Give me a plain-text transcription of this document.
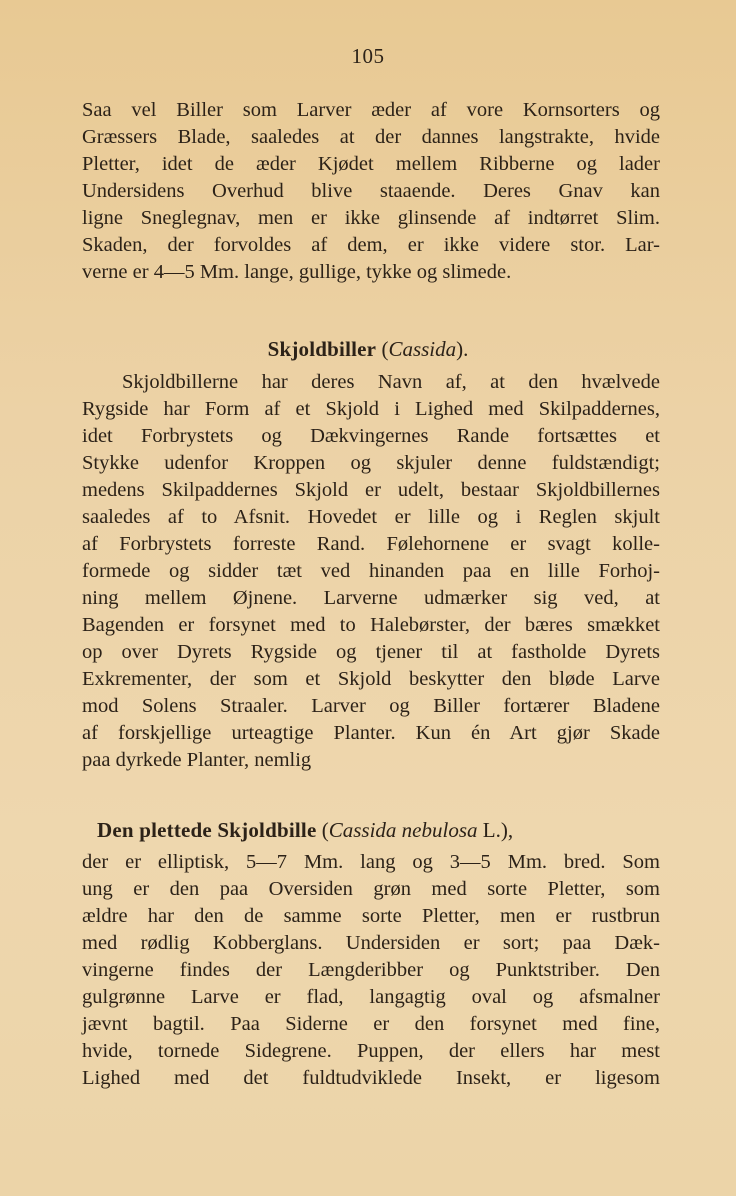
105
Saa vel Biller som Larver æder af vore Kornsorters og
Græssers Blade, saaledes at der dannes langstrakte, hvide
Pletter, idet de æder Kjødet mellem Ribberne og lader
Undersidens Overhud blive staaende. Deres Gnav kan
ligne Sneglegnav, men er ikke glinsende af indtørret Slim.
Skaden, der forvoldes af dem, er ikke videre stor. Lar-
verne er 4—5 Mm. lange, gullige, tykke og slimede.
Skjoldbiller (Cassida).
Skjoldbillerne har deres Navn af, at den hvælvede
Rygside har Form af et Skjold i Lighed med Skilpaddernes,
idet Forbrystets og Dækvingernes Rande fortsættes et
Stykke udenfor Kroppen og skjuler denne fuldstændigt;
medens Skilpaddernes Skjold er udelt, bestaar Skjoldbillernes
saaledes af to Afsnit. Hovedet er lille og i Reglen skjult
af Forbrystets forreste Rand. Følehornene er svagt kolle-
formede og sidder tæt ved hinanden paa en lille Forhoj-
ning mellem Øjnene. Larverne udmærker sig ved, at
Bagenden er forsynet med to Halebørster, der bæres smækket
op over Dyrets Rygside og tjener til at fastholde Dyrets
Exkrementer, der som et Skjold beskytter den bløde Larve
mod Solens Straaler. Larver og Biller fortærer Bladene
af forskjellige urteagtige Planter. Kun én Art gjør Skade
paa dyrkede Planter, nemlig
Den plettede Skjoldbille (Cassida nebulosa L.),
der er elliptisk, 5—7 Mm. lang og 3—5 Mm. bred. Som
ung er den paa Oversiden grøn med sorte Pletter, som
ældre har den de samme sorte Pletter, men er rustbrun
med rødlig Kobberglans. Undersiden er sort; paa Dæk-
vingerne findes der Længderibber og Punktstriber. Den
gulgrønne Larve er flad, langagtig oval og afsmalner
jævnt bagtil. Paa Siderne er den forsynet med fine,
hvide, tornede Sidegrene. Puppen, der ellers har mest
Lighed med det fuldtudviklede Insekt, er ligesom
